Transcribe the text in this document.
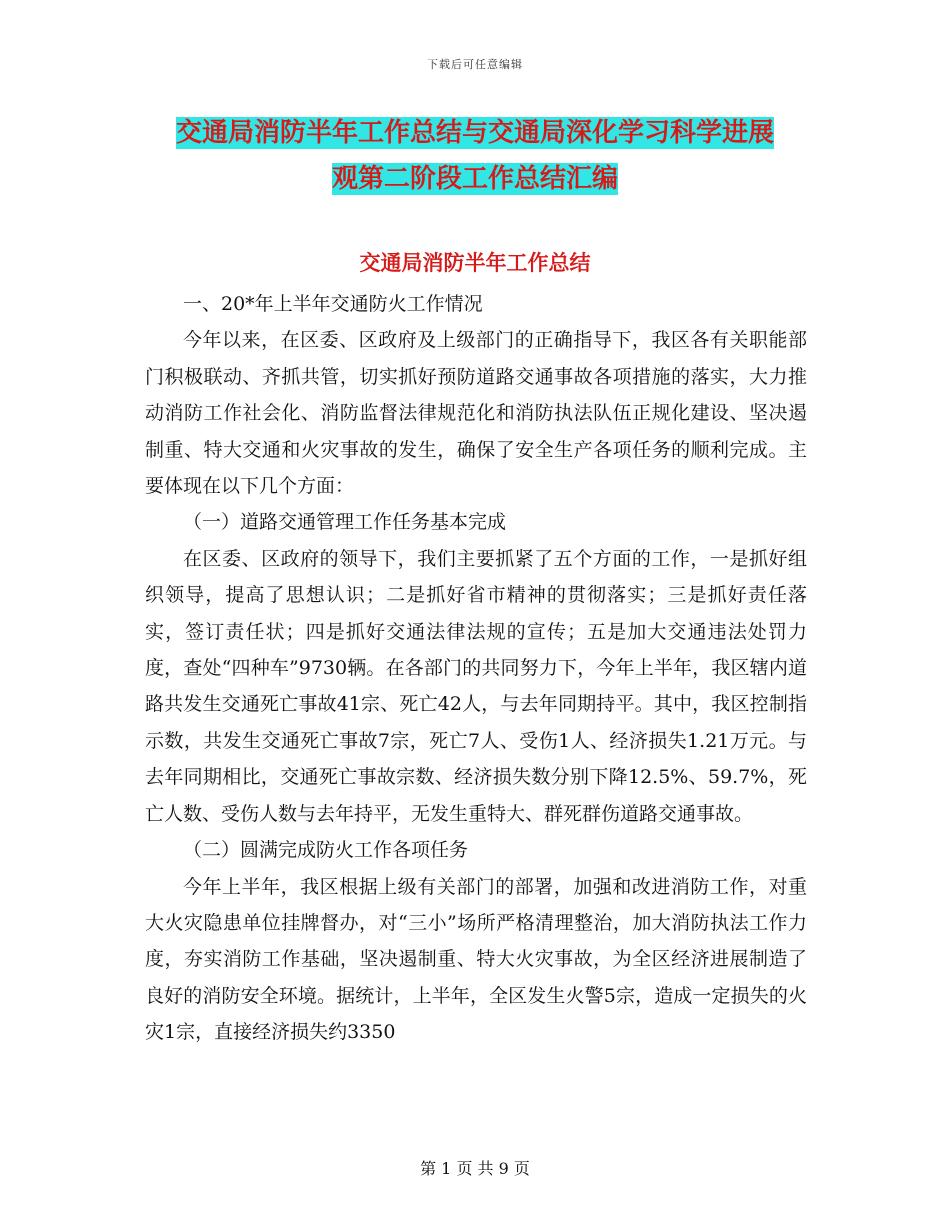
下载后可任意编辑
交通局消防半年工作总结与交通局深化学习科学进展
观第二阶段工作总结汇编
交通局消防半年工作总结

一、20*年上半年交通防火工作情况

今年以来，在区委、区政府及上级部门的正确指导下，我区各有关职能部门积极联动、齐抓共管，切实抓好预防道路交通事故各项措施的落实，大力推动消防工作社会化、消防监督法律规范化和消防执法队伍正规化建设、坚决遏制重、特大交通和火灾事故的发生，确保了安全生产各项任务的顺利完成。主要体现在以下几个方面：

（一）道路交通管理工作任务基本完成

在区委、区政府的领导下，我们主要抓紧了五个方面的工作，一是抓好组织领导，提高了思想认识；二是抓好省市精神的贯彻落实；三是抓好责任落实，签订责任状；四是抓好交通法律法规的宣传；五是加大交通违法处罚力度，查处“四种车”9730辆。在各部门的共同努力下，今年上半年，我区辖内道路共发生交通死亡事故41宗、死亡42人，与去年同期持平。其中，我区控制指示数，共发生交通死亡事故7宗，死亡7人、受伤1人、经济损失1.21万元。与去年同期相比，交通死亡事故宗数、经济损失数分别下降12.5%、59.7%，死亡人数、受伤人数与去年持平，无发生重特大、群死群伤道路交通事故。

（二）圆满完成防火工作各项任务

今年上半年，我区根据上级有关部门的部署，加强和改进消防工作，对重大火灾隐患单位挂牌督办，对“三小”场所严格清理整治，加大消防执法工作力度，夯实消防工作基础，坚决遏制重、特大火灾事故，为全区经济进展制造了良好的消防安全环境。据统计，上半年，全区发生火警5宗，造成一定损失的火灾1宗，直接经济损失约3350

第 1 页 共 9 页
